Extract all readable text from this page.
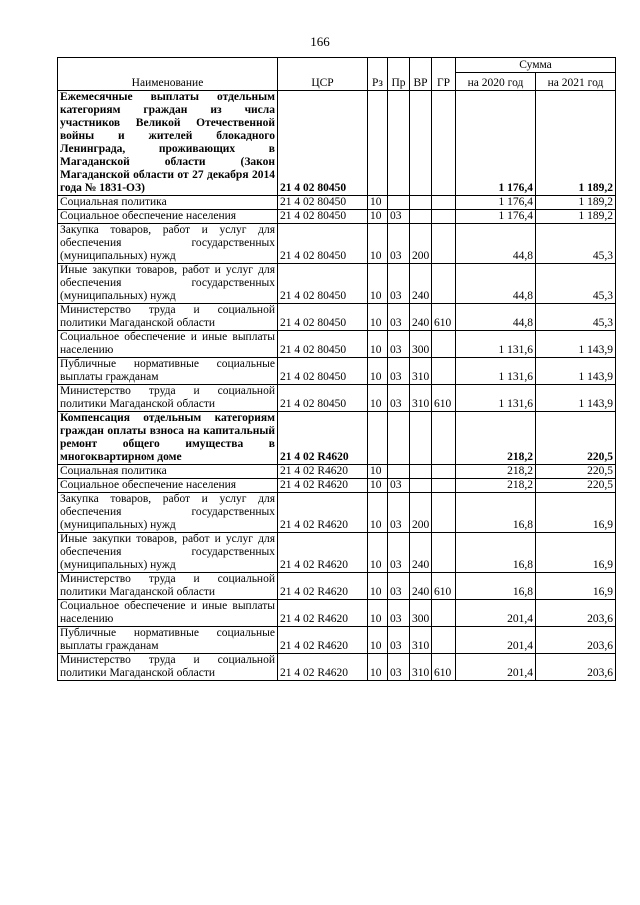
166
Наименование	ЦСР	Рз	Пр	ВР	ГР	Сумма	
						на 2020 год	на 2021 год
Ежемесячные выплаты отдельным категориям граждан из числа участников Великой Отечественной войны и жителей блокадного Ленинграда, проживающих в Магаданской области (Закон Магаданской области от 27 декабря 2014 года № 1831-ОЗ)	21 4 02 80450					1 176,4	1 189,2
Социальная политика	21 4 02 80450	10				1 176,4	1 189,2
Социальное обеспечение населения	21 4 02 80450	10	03			1 176,4	1 189,2
Закупка товаров, работ и услуг для обеспечения государственных (муниципальных) нужд	21 4 02 80450	10	03	200		44,8	45,3
Иные закупки товаров, работ и услуг для обеспечения государственных (муниципальных) нужд	21 4 02 80450	10	03	240		44,8	45,3
Министерство труда и социальной политики Магаданской области	21 4 02 80450	10	03	240	610	44,8	45,3
Социальное обеспечение и иные выплаты населению	21 4 02 80450	10	03	300		1 131,6	1 143,9
Публичные нормативные социальные выплаты гражданам	21 4 02 80450	10	03	310		1 131,6	1 143,9
Министерство труда и социальной политики Магаданской области	21 4 02 80450	10	03	310	610	1 131,6	1 143,9
Компенсация отдельным категориям граждан оплаты взноса на капитальный ремонт общего имущества в многоквартирном доме	21 4 02 R4620					218,2	220,5
Социальная политика	21 4 02 R4620	10				218,2	220,5
Социальное обеспечение населения	21 4 02 R4620	10	03			218,2	220,5
Закупка товаров, работ и услуг для обеспечения государственных (муниципальных) нужд	21 4 02 R4620	10	03	200		16,8	16,9
Иные закупки товаров, работ и услуг для обеспечения государственных (муниципальных) нужд	21 4 02 R4620	10	03	240		16,8	16,9
Министерство труда и социальной политики Магаданской области	21 4 02 R4620	10	03	240	610	16,8	16,9
Социальное обеспечение и иные выплаты населению	21 4 02 R4620	10	03	300		201,4	203,6
Публичные нормативные социальные выплаты гражданам	21 4 02 R4620	10	03	310		201,4	203,6
Министерство труда и социальной политики Магаданской области	21 4 02 R4620	10	03	310	610	201,4	203,6
